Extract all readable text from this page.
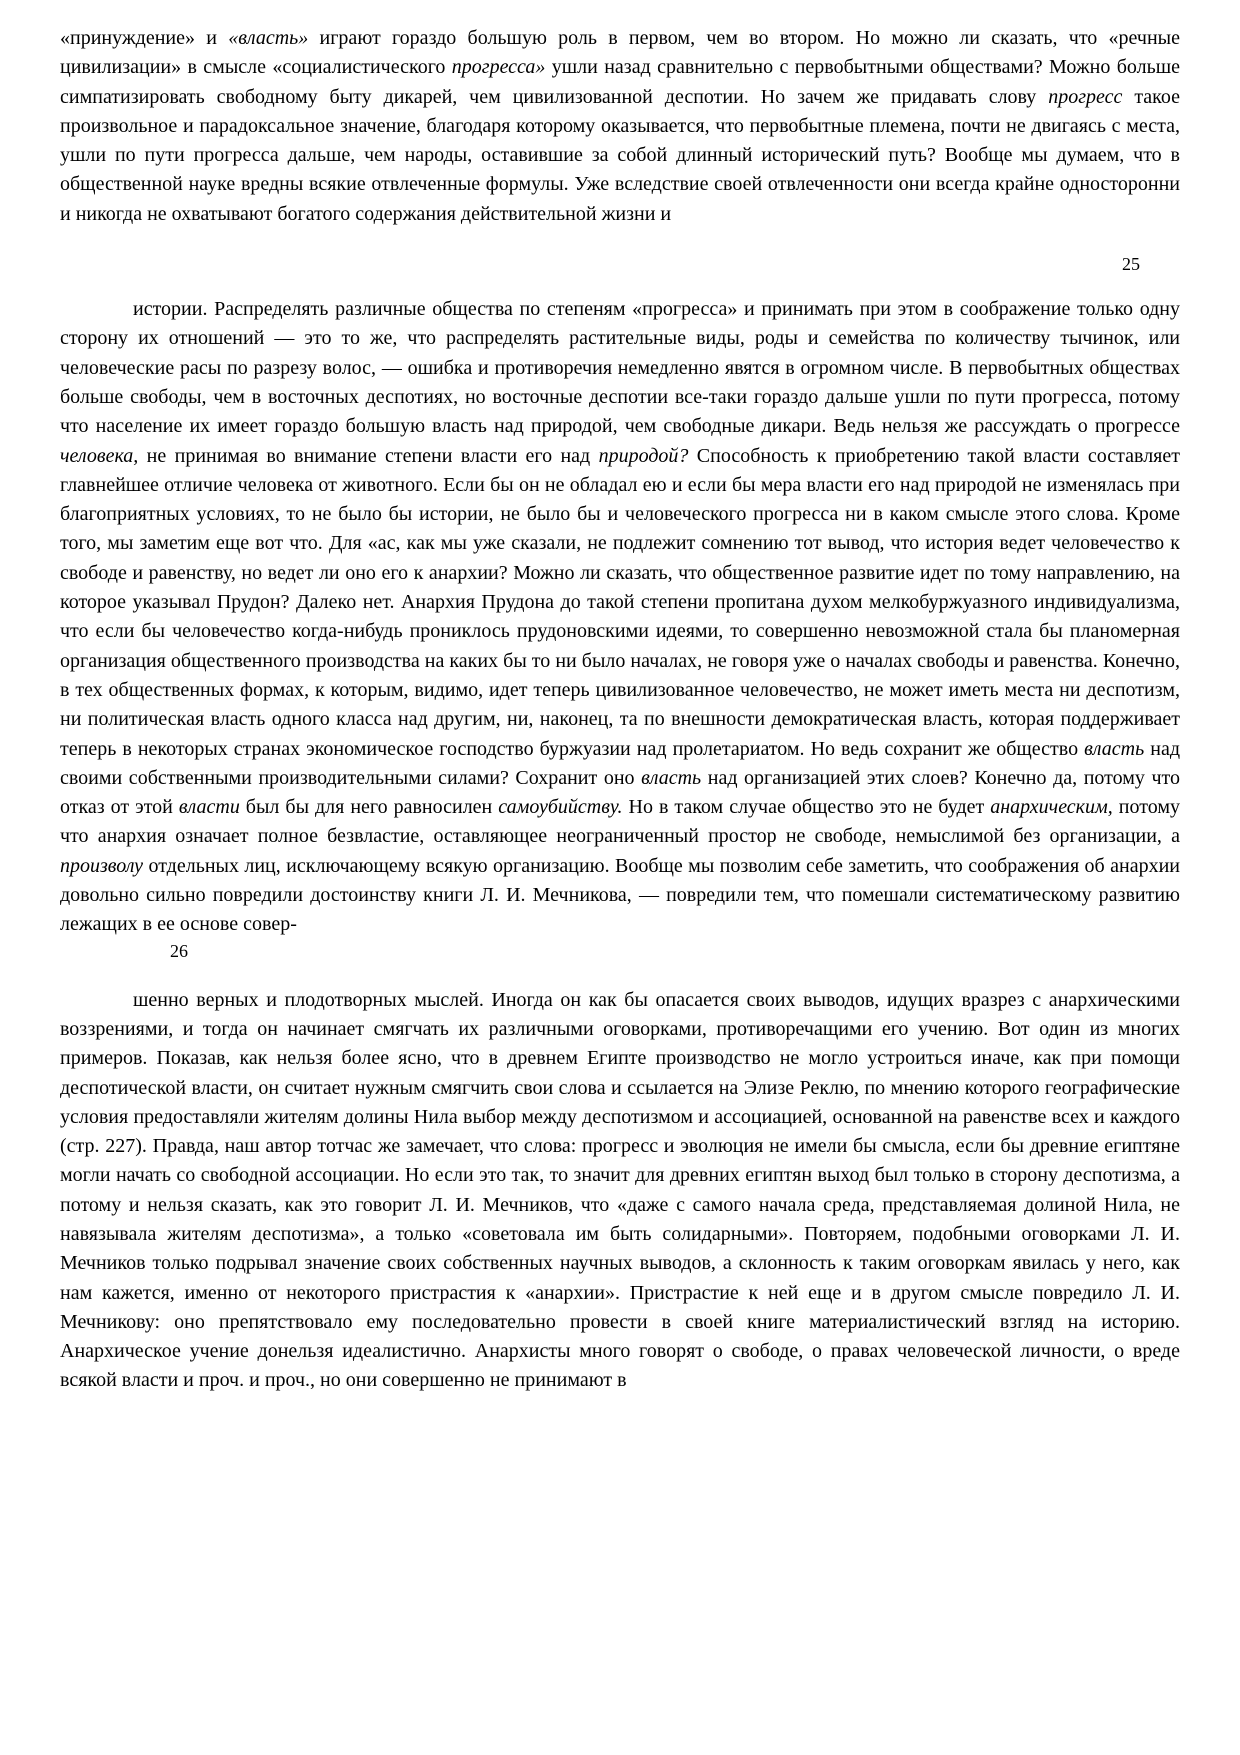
«принуждение» и «власть» играют гораздо большую роль в первом, чем во втором. Но можно ли сказать, что «речные цивилизации» в смысле «социалистического прогресса» ушли назад сравнительно с первобытными обществами? Можно больше симпатизировать свободному быту дикарей, чем цивилизованной деспотии. Но зачем же придавать слову прогресс такое произвольное и парадоксальное значение, благодаря которому оказывается, что первобытные племена, почти не двигаясь с места, ушли по пути прогресса дальше, чем народы, оставившие за собой длинный исторический путь? Вообще мы думаем, что в общественной науке вредны всякие отвлеченные формулы. Уже вследствие своей отвлеченности они всегда крайне односторонни и никогда не охватывают богатого содержания действительной жизни и

25

истории. Распределять различные общества по степеням «прогресса» и принимать при этом в соображение только одну сторону их отношений — это то же, что распределять растительные виды, роды и семейства по количеству тычинок, или человеческие расы по разрезу волос, — ошибка и противоречия немедленно явятся в огромном числе. В первобытных обществах больше свободы, чем в восточных деспотиях, но восточные деспотии все-таки гораздо дальше ушли по пути прогресса, потому что население их имеет гораздо большую власть над природой, чем свободные дикари. Ведь нельзя же рассуждать о прогрессе человека, не принимая во внимание степени власти его над природой? Способность к приобретению такой власти составляет главнейшее отличие человека от животного. Если бы он не обладал ею и если бы мера власти его над природой не изменялась при благоприятных условиях, то не было бы истории, не было бы и человеческого прогресса ни в каком смысле этого слова. Кроме того, мы заметим еще вот что. Для «ас, как мы уже сказали, не подлежит сомнению тот вывод, что история ведет человечество к свободе и равенству, но ведет ли оно его к анархии? Можно ли сказать, что общественное развитие идет по тому направлению, на которое указывал Прудон? Далеко нет. Анархия Прудона до такой степени пропитана духом мелкобуржуазного индивидуализма, что если бы человечество когда-нибудь прониклось прудоновскими идеями, то совершенно невозможной стала бы планомерная организация общественного производства на каких бы то ни было началах, не говоря уже о началах свободы и равенства. Конечно, в тех общественных формах, к которым, видимо, идет теперь цивилизованное человечество, не может иметь места ни деспотизм, ни политическая власть одного класса над другим, ни, наконец, та по внешности демократическая власть, которая поддерживает теперь в некоторых странах экономическое господство буржуазии над пролетариатом. Но ведь сохранит же общество власть над своими собственными производительными силами? Сохранит оно власть над организацией этих слоев? Конечно да, потому что отказ от этой власти был бы для него равносилен самоубийству. Но в таком случае общество это не будет анархическим, потому что анархия означает полное безвластие, оставляющее неограниченный простор не свободе, немыслимой без организации, а произволу отдельных лиц, исключающему всякую организацию. Вообще мы позволим себе заметить, что соображения об анархии довольно сильно повредили достоинству книги Л. И. Мечникова, — повредили тем, что помешали систематическому развитию лежащих в ее основе совер-

26

шенно верных и плодотворных мыслей. Иногда он как бы опасается своих выводов, идущих вразрез с анархическими воззрениями, и тогда он начинает смягчать их различными оговорками, противоречащими его учению. Вот один из многих примеров. Показав, как нельзя более ясно, что в древнем Египте производство не могло устроиться иначе, как при помощи деспотической власти, он считает нужным смягчить свои слова и ссылается на Элизе Реклю, по мнению которого географические условия предоставляли жителям долины Нила выбор между деспотизмом и ассоциацией, основанной на равенстве всех и каждого (стр. 227). Правда, наш автор тотчас же замечает, что слова: прогресс и эволюция не имели бы смысла, если бы древние египтяне могли начать со свободной ассоциации. Но если это так, то значит для древних египтян выход был только в сторону деспотизма, а потому и нельзя сказать, как это говорит Л. И. Мечников, что «даже с самого начала среда, представляемая долиной Нила, не навязывала жителям деспотизма», а только «советовала им быть солидарными». Повторяем, подобными оговорками Л. И. Мечников только подрывал значение своих собственных научных выводов, а склонность к таким оговоркам явилась у него, как нам кажется, именно от некоторого пристрастия к «анархии». Пристрастие к ней еще и в другом смысле повредило Л. И. Мечникову: оно препятствовало ему последовательно провести в своей книге материалистический взгляд на историю. Анархическое учение донельзя идеалистично. Анархисты много говорят о свободе, о правах человеческой личности, о вреде всякой власти и проч. и проч., но они совершенно не принимают в
